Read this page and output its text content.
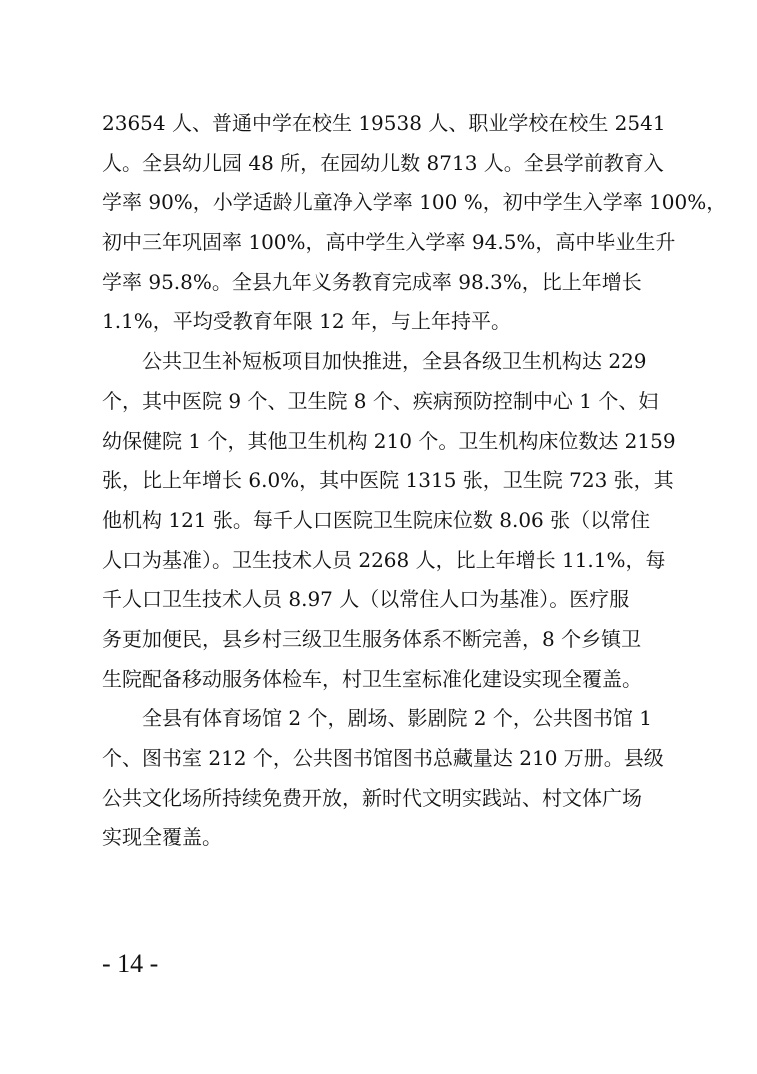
23654 人、普通中学在校生 19538 人、职业学校在校生 2541
人。全县幼儿园 48 所，在园幼儿数 8713 人。全县学前教育入
学率 90%，小学适龄儿童净入学率 100 %，初中学生入学率 100%，
初中三年巩固率 100%，高中学生入学率 94.5%，高中毕业生升
学率 95.8%。全县九年义务教育完成率 98.3%，比上年增长
1.1%，平均受教育年限 12 年，与上年持平。
公共卫生补短板项目加快推进，全县各级卫生机构达 229
个，其中医院 9 个、卫生院 8 个、疾病预防控制中心 1 个、妇
幼保健院 1 个，其他卫生机构 210 个。卫生机构床位数达 2159
张，比上年增长 6.0%，其中医院 1315 张，卫生院 723 张，其
他机构 121 张。每千人口医院卫生院床位数 8.06 张（以常住
人口为基准）。卫生技术人员 2268 人，比上年增长 11.1%，每
千人口卫生技术人员 8.97 人（以常住人口为基准）。医疗服
务更加便民，县乡村三级卫生服务体系不断完善，8 个乡镇卫
生院配备移动服务体检车，村卫生室标准化建设实现全覆盖。
全县有体育场馆 2 个，剧场、影剧院 2 个，公共图书馆 1
个、图书室 212 个，公共图书馆图书总藏量达 210 万册。县级
公共文化场所持续免费开放，新时代文明实践站、村文体广场
实现全覆盖。
- 14 -
